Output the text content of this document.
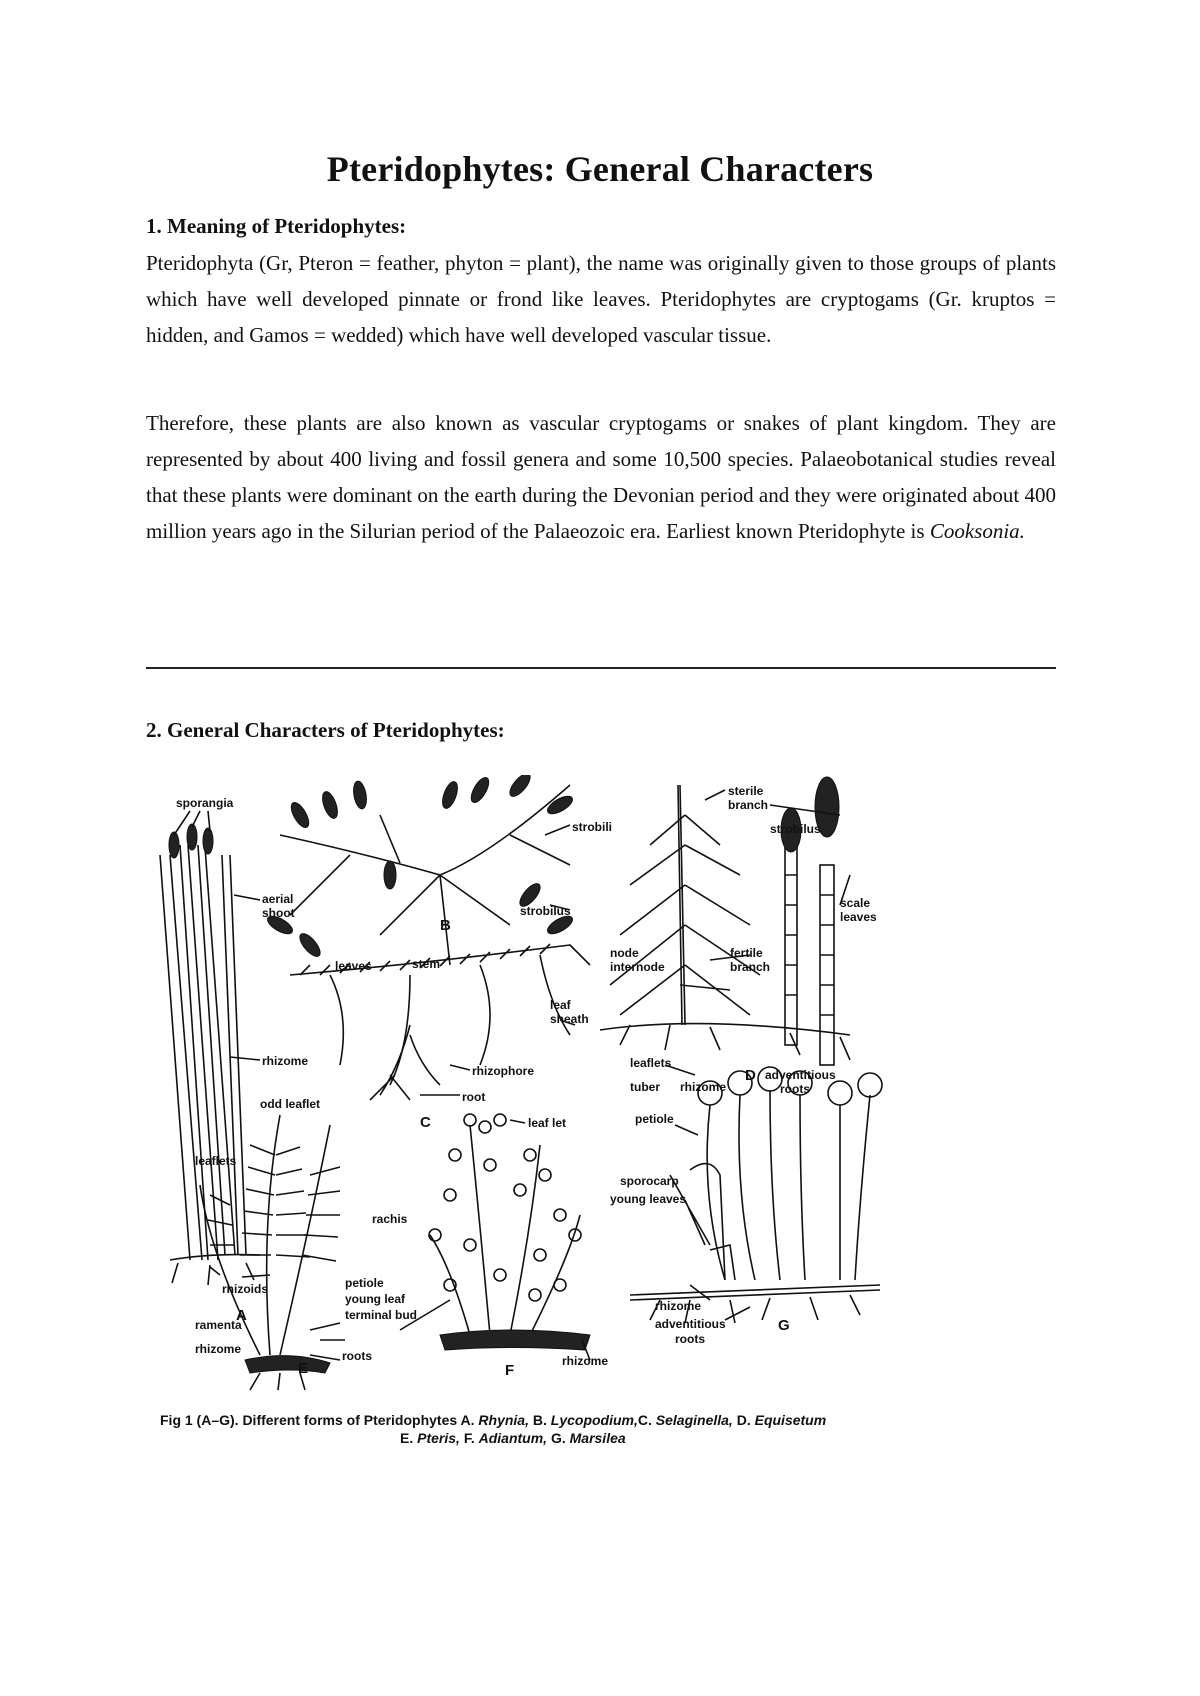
Pteridophytes: General Characters

1. Meaning of Pteridophytes:

Pteridophyta (Gr, Pteron = feather, phyton = plant), the name was originally given to those groups of plants which have well developed pinnate or frond like leaves. Pteridophytes are cryptogams (Gr. kruptos = hidden, and Gamos = wedded) which have well developed vascular tissue.

Therefore, these plants are also known as vascular cryptogams or snakes of plant kingdom. They are represented by about 400 living and fossil genera and some 10,500 species. Palaeobotanical studies reveal that these plants were dominant on the earth during the Devonian period and they were originated about 400 million years ago in the Silurian period of the Palaeozoic era. Earliest known Pteridophyte is Cooksonia.

2. General Characters of Pteridophytes:

sporangia
aerial
shoot
rhizome
rhizoids
A
strobili
strobilus
B
leaves	stem
rhizophore
root
C
sterile
branch
strobilus
scale
leaves
node
internode
fertile
branch
leaf
sheath
tuber rhizome
D adventitious
roots
odd leaflet
leaflets
rachis
petiole
young leaf
terminal bud
ramenta
rhizome	roots
E
leaf let
rhizome
F
leaflets
petiole
sporocarp
young leaves
rhizome
adventitious
roots
G
Fig 1 (A–G). Different forms of Pteridophytes A. Rhynia, B. Lycopodium,C. Selaginella, D. Equisetum
E. Pteris, F. Adiantum, G. Marsilea
